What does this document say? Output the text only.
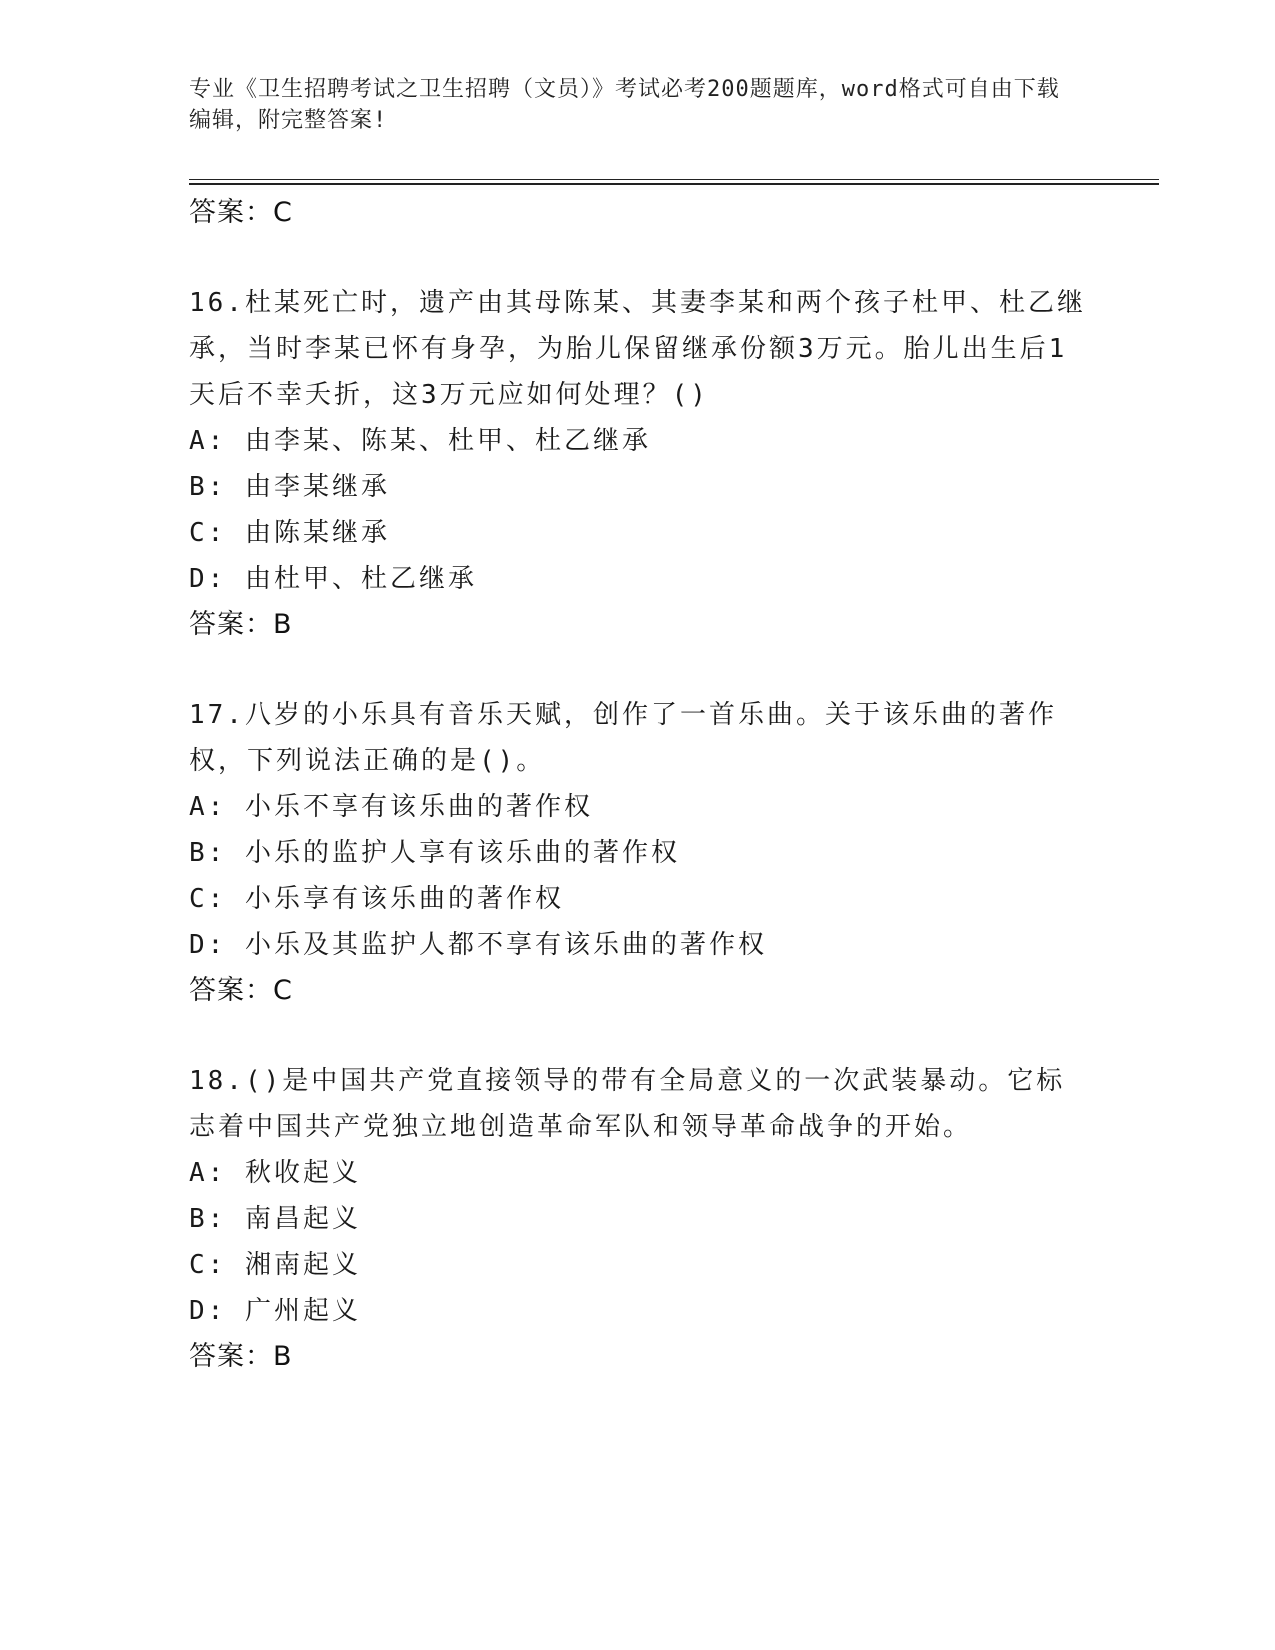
专业《卫生招聘考试之卫生招聘（文员）》考试必考200题题库，word格式可自由下载编辑，附完整答案!
答案：C
16.杜某死亡时，遗产由其母陈某、其妻李某和两个孩子杜甲、杜乙继承，当时李某已怀有身孕，为胎儿保留继承份额3万元。胎儿出生后1天后不幸夭折，这3万元应如何处理？()
A: 由李某、陈某、杜甲、杜乙继承
B: 由李某继承
C: 由陈某继承
D: 由杜甲、杜乙继承
答案：B
17.八岁的小乐具有音乐天赋，创作了一首乐曲。关于该乐曲的著作权，下列说法正确的是()。
A: 小乐不享有该乐曲的著作权
B: 小乐的监护人享有该乐曲的著作权
C: 小乐享有该乐曲的著作权
D: 小乐及其监护人都不享有该乐曲的著作权
答案：C
18.()是中国共产党直接领导的带有全局意义的一次武装暴动。它标志着中国共产党独立地创造革命军队和领导革命战争的开始。
A: 秋收起义
B: 南昌起义
C: 湘南起义
D: 广州起义
答案：B
